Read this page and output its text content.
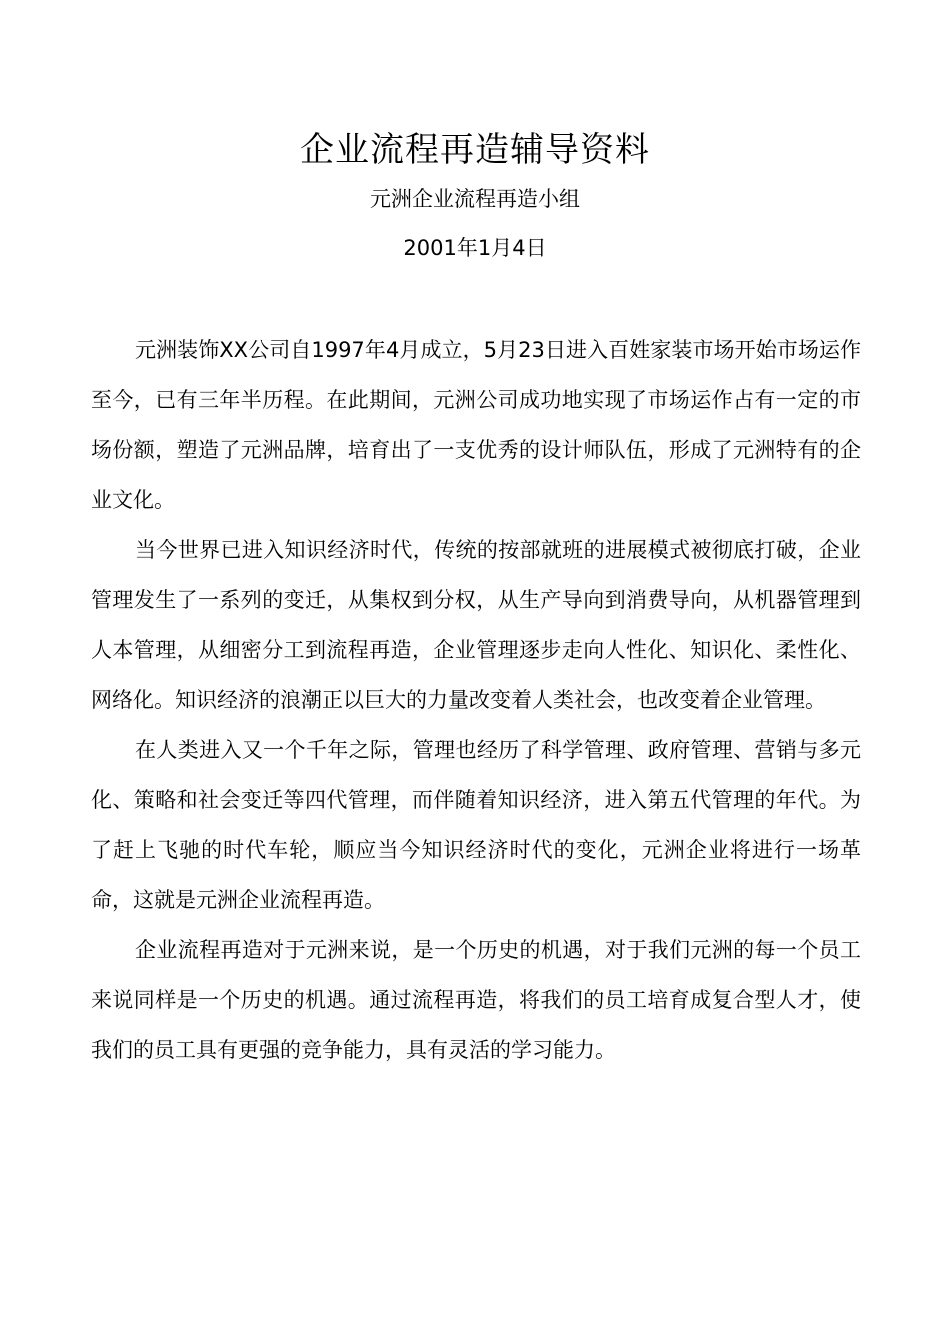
企业流程再造辅导资料
元洲企业流程再造小组
2001年1月4日

元洲装饰XX公司自1997年4月成立，5月23日进入百姓家装市场开始市场运作至今，已有三年半历程。在此期间，元洲公司成功地实现了市场运作占有一定的市场份额，塑造了元洲品牌，培育出了一支优秀的设计师队伍，形成了元洲特有的企业文化。

当今世界已进入知识经济时代，传统的按部就班的进展模式被彻底打破，企业管理发生了一系列的变迁，从集权到分权，从生产导向到消费导向，从机器管理到人本管理，从细密分工到流程再造，企业管理逐步走向人性化、知识化、柔性化、网络化。知识经济的浪潮正以巨大的力量改变着人类社会，也改变着企业管理。

在人类进入又一个千年之际，管理也经历了科学管理、政府管理、营销与多元化、策略和社会变迁等四代管理，而伴随着知识经济，进入第五代管理的年代。为了赶上飞驰的时代车轮，顺应当今知识经济时代的变化，元洲企业将进行一场革命，这就是元洲企业流程再造。

企业流程再造对于元洲来说，是一个历史的机遇，对于我们元洲的每一个员工来说同样是一个历史的机遇。通过流程再造，将我们的员工培育成复合型人才，使我们的员工具有更强的竞争能力，具有灵活的学习能力。
